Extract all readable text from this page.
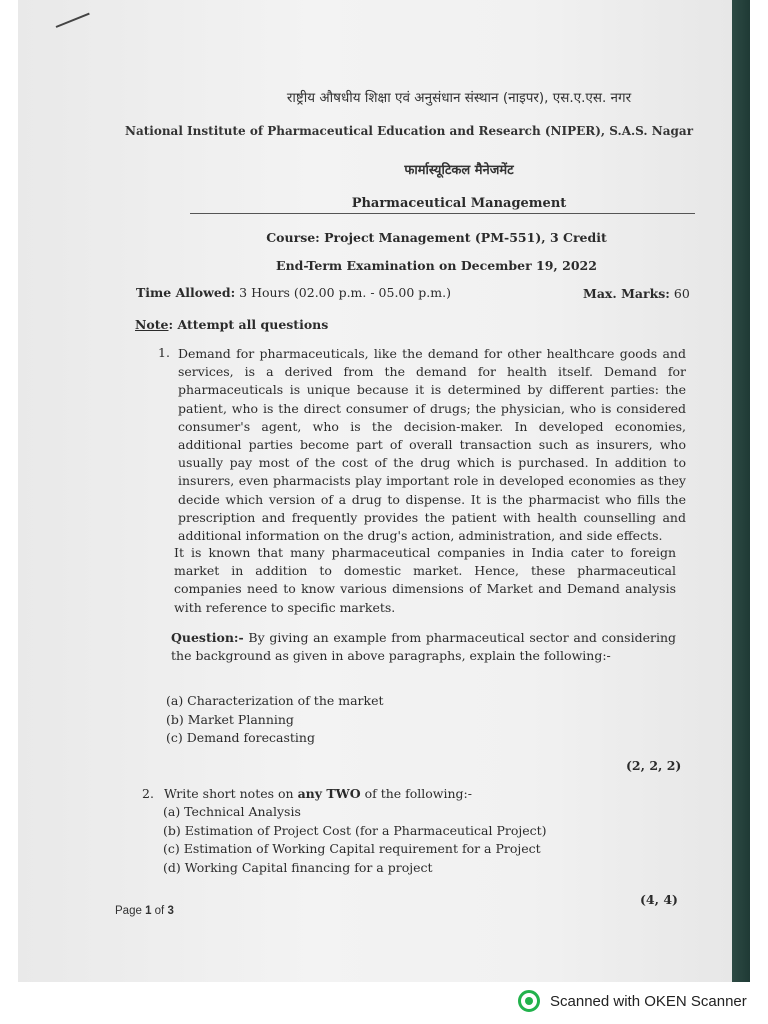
राष्ट्रीय औषधीय शिक्षा एवं अनुसंधान संस्थान (नाइपर), एस.ए.एस. नगर
National Institute of Pharmaceutical Education and Research (NIPER), S.A.S. Nagar
फार्मास्यूटिकल मैनेजमेंट
Pharmaceutical Management
Course: Project Management (PM-551), 3 Credit
End-Term Examination on December 19, 2022
Time Allowed: 3 Hours (02.00 p.m. - 05.00 p.m.)	Max. Marks: 60
Note: Attempt all questions
1. Demand for pharmaceuticals, like the demand for other healthcare goods and services, is a derived from the demand for health itself. Demand for pharmaceuticals is unique because it is determined by different parties: the patient, who is the direct consumer of drugs; the physician, who is considered consumer's agent, who is the decision-maker. In developed economies, additional parties become part of overall transaction such as insurers, who usually pay most of the cost of the drug which is purchased. In addition to insurers, even pharmacists play important role in developed economies as they decide which version of a drug to dispense. It is the pharmacist who fills the prescription and frequently provides the patient with health counselling and additional information on the drug's action, administration, and side effects.
It is known that many pharmaceutical companies in India cater to foreign market in addition to domestic market. Hence, these pharmaceutical companies need to know various dimensions of Market and Demand analysis with reference to specific markets.
Question:- By giving an example from pharmaceutical sector and considering the background as given in above paragraphs, explain the following:-
(a) Characterization of the market
(b) Market Planning
(c) Demand forecasting
(2, 2, 2)
2. Write short notes on any TWO of the following:-
(a) Technical Analysis
(b) Estimation of Project Cost (for a Pharmaceutical Project)
(c) Estimation of Working Capital requirement for a Project
(d) Working Capital financing for a project
(4, 4)
Page 1 of 3
Scanned with OKEN Scanner
